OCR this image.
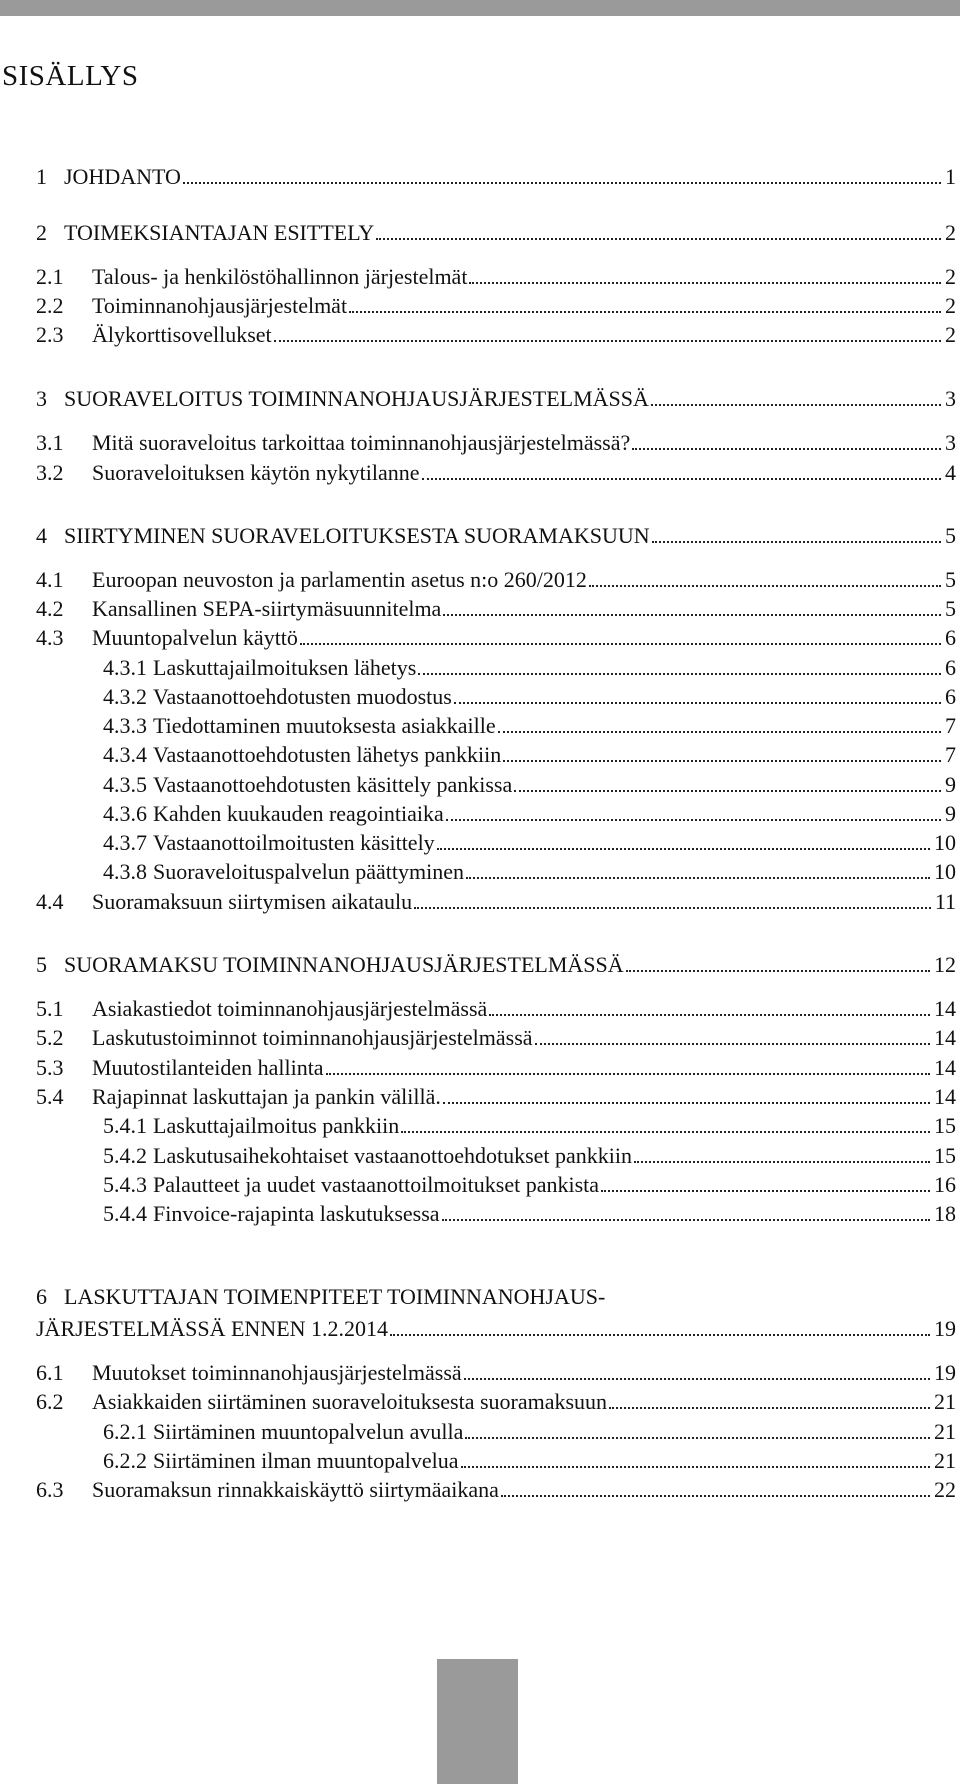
SISÄLLYS
1 JOHDANTO	1
2 TOIMEKSIANTAJAN ESITTELY	2
2.1	Talous- ja henkilöstöhallinnon järjestelmät	2
2.2	Toiminnanohjausjärjestelmät	2
2.3	Älykorttisovellukset	2
3 SUORAVELOITUS TOIMINNANOHJAUSJÄRJESTELMÄSSÄ	3
3.1	Mitä suoraveloitus tarkoittaa toiminnanohjausjärjestelmässä?	3
3.2	Suoraveloituksen käytön nykytilanne	4
4 SIIRTYMINEN SUORAVELOITUKSESTA SUORAMAKSUUN	5
4.1	Euroopan neuvoston ja parlamentin asetus n:o 260/2012	5
4.2	Kansallinen SEPA-siirtymäsuunnitelma	5
4.3	Muuntopalvelun käyttö	6
4.3.1 Laskuttajailmoituksen lähetys	6
4.3.2 Vastaanottoehdotusten muodostus	6
4.3.3 Tiedottaminen muutoksesta asiakkaille	7
4.3.4 Vastaanottoehdotusten lähetys pankkiin	7
4.3.5 Vastaanottoehdotusten käsittely pankissa	9
4.3.6 Kahden kuukauden reagointiaika	9
4.3.7 Vastaanottoilmoitusten käsittely	10
4.3.8 Suoraveloituspalvelun päättyminen	10
4.4	Suoramaksuun siirtymisen aikataulu	11
5 SUORAMAKSU TOIMINNANOHJAUSJÄRJESTELMÄSSÄ	12
5.1	Asiakastiedot toiminnanohjausjärjestelmässä	14
5.2	Laskutustoiminnot toiminnanohjausjärjestelmässä	14
5.3	Muutostilanteiden hallinta	14
5.4	Rajapinnat laskuttajan ja pankin välillä.	14
5.4.1 Laskuttajailmoitus pankkiin	15
5.4.2 Laskutusaihekohtaiset vastaanottoehdotukset pankkiin	15
5.4.3 Palautteet ja uudet vastaanottoilmoitukset pankista	16
5.4.4 Finvoice-rajapinta laskutuksessa	18
6 LASKUTTAJAN TOIMENPITEET TOIMINNANOHJAUS-
JÄRJESTELMÄSSÄ ENNEN 1.2.2014	19
6.1	Muutokset toiminnanohjausjärjestelmässä	19
6.2	Asiakkaiden siirtäminen suoraveloituksesta suoramaksuun	21
6.2.1 Siirtäminen muuntopalvelun avulla	21
6.2.2 Siirtäminen ilman muuntopalvelua	21
6.3	Suoramaksun rinnakkaiskäyttö siirtymäaikana	22
